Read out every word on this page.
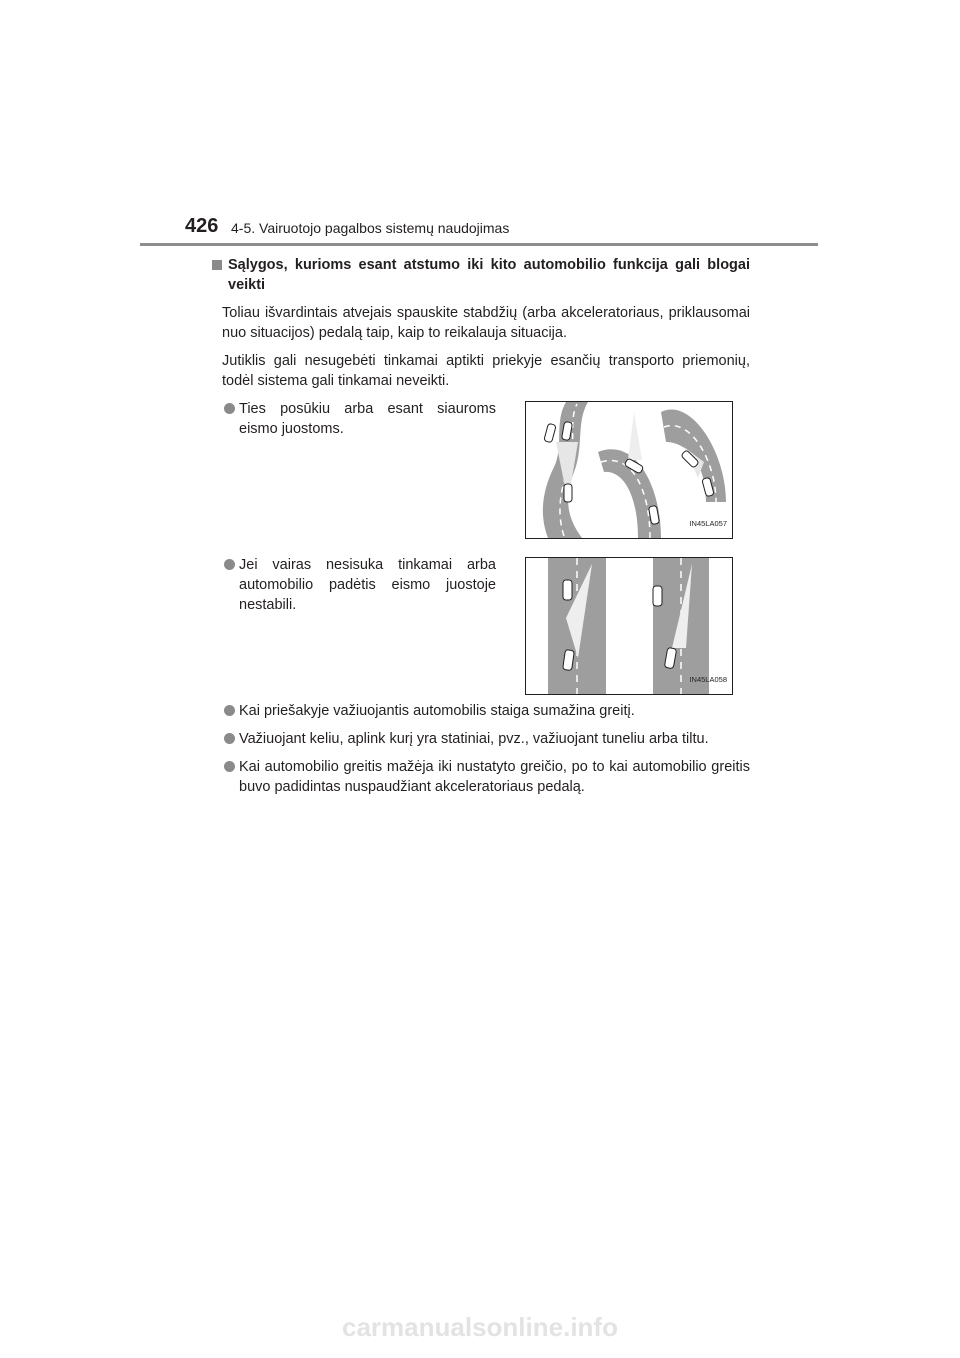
426 4-5. Vairuotojo pagalbos sistemų naudojimas
Sąlygos, kurioms esant atstumo iki kito automobilio funkcija gali blogai veikti
Toliau išvardintais atvejais spauskite stabdžių (arba akceleratoriaus, priklausomai nuo situacijos) pedalą taip, kaip to reikalauja situacija.
Jutiklis gali nesugebėti tinkamai aptikti priekyje esančių transporto priemonių, todėl sistema gali tinkamai neveikti.
Ties posūkiu arba esant siauroms eismo juostoms.
IN45LA057
Jei vairas nesisuka tinkamai arba automobilio padėtis eismo juostoje nestabili.
IN45LA058
Kai priešakyje važiuojantis automobilis staiga sumažina greitį.
Važiuojant keliu, aplink kurį yra statiniai, pvz., važiuojant tuneliu arba tiltu.
Kai automobilio greitis mažėja iki nustatyto greičio, po to kai automobilio greitis buvo padidintas nuspaudžiant akceleratoriaus pedalą.
carmanualsonline.info
